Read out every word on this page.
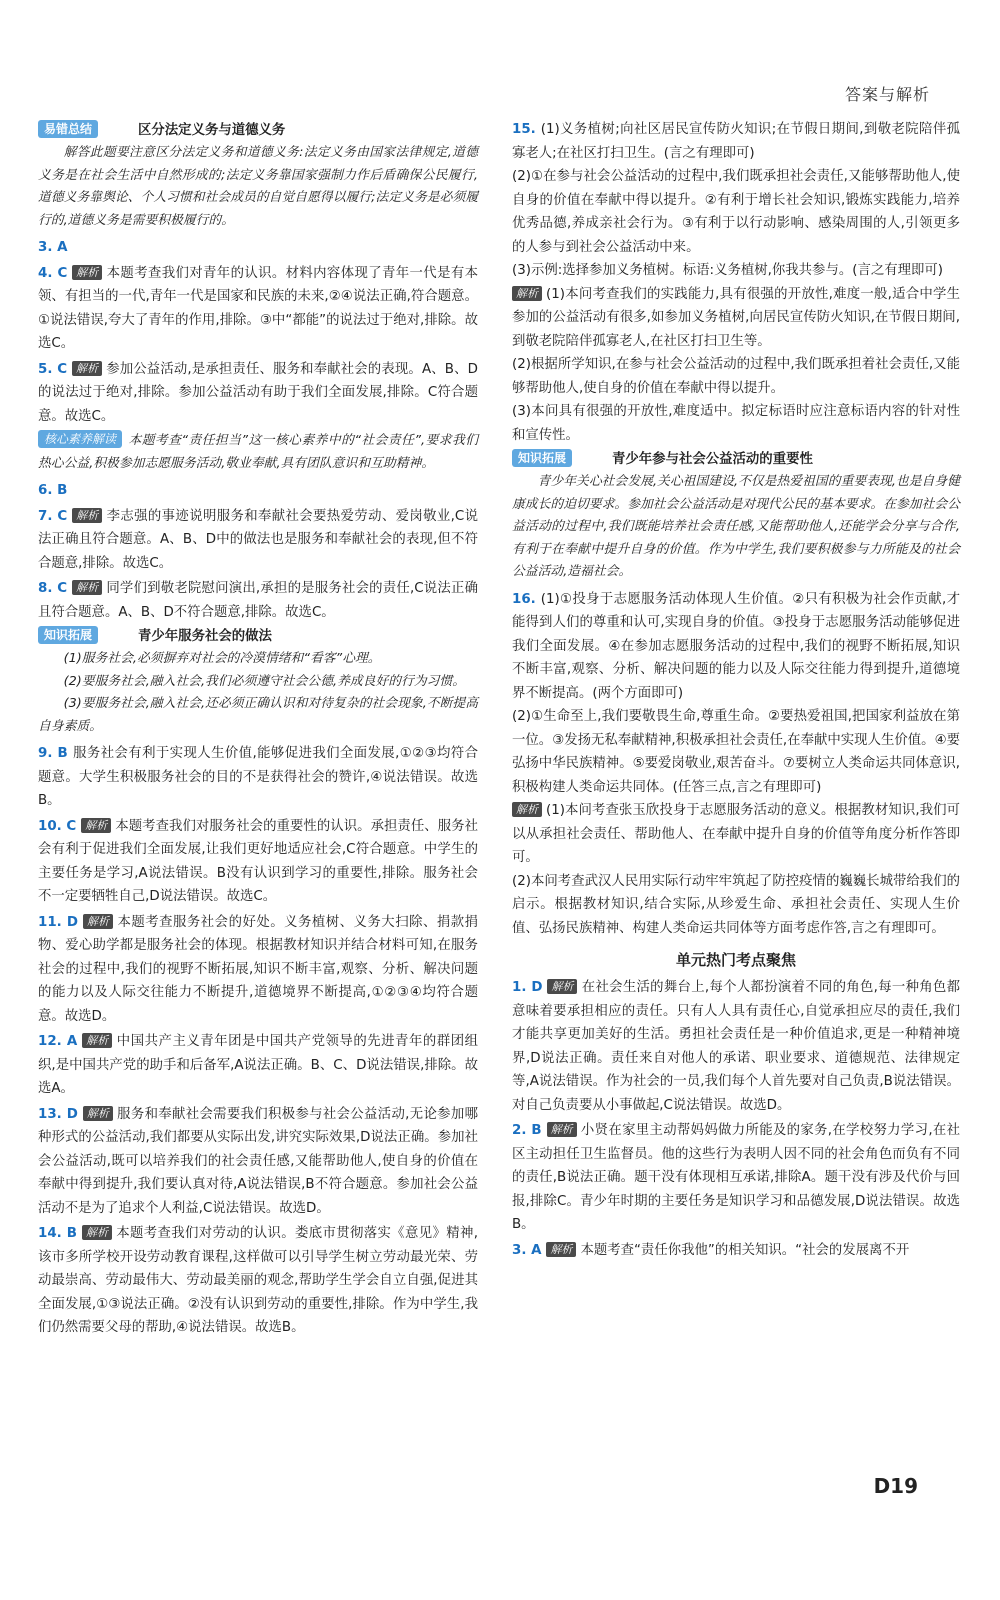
答案与解析
易错总结	区分法定义务与道德义务
解答此题要注意区分法定义务和道德义务:法定义务由国家法律规定,道德义务是在社会生活中自然形成的;法定义务靠国家强制力作后盾确保公民履行,道德义务靠舆论、个人习惯和社会成员的自觉自愿得以履行;法定义务是必须履行的,道德义务是需要积极履行的。

3. A

4. C 解析 本题考查我们对青年的认识。材料内容体现了青年一代是有本领、有担当的一代,青年一代是国家和民族的未来,②④说法正确,符合题意。①说法错误,夸大了青年的作用,排除。③中“都能”的说法过于绝对,排除。故选C。

5. C 解析 参加公益活动,是承担责任、服务和奉献社会的表现。A、B、D的说法过于绝对,排除。参加公益活动有助于我们全面发展,排除。C符合题意。故选C。

核心素养解读 本题考查“责任担当”这一核心素养中的“社会责任”,要求我们热心公益,积极参加志愿服务活动,敬业奉献,具有团队意识和互助精神。

6. B

7. C 解析 李志强的事迹说明服务和奉献社会要热爱劳动、爱岗敬业,C说法正确且符合题意。A、B、D中的做法也是服务和奉献社会的表现,但不符合题意,排除。故选C。

8. C 解析 同学们到敬老院慰问演出,承担的是服务社会的责任,C说法正确且符合题意。A、B、D不符合题意,排除。故选C。

知识拓展	青少年服务社会的做法
(1)服务社会,必须摒弃对社会的冷漠情绪和“看客”心理。
(2)要服务社会,融入社会,我们必须遵守社会公德,养成良好的行为习惯。
(3)要服务社会,融入社会,还必须正确认识和对待复杂的社会现象,不断提高自身素质。

9. B 服务社会有利于实现人生价值,能够促进我们全面发展,①②③均符合题意。大学生积极服务社会的目的不是获得社会的赞许,④说法错误。故选B。

10. C 解析 本题考查我们对服务社会的重要性的认识。承担责任、服务社会有利于促进我们全面发展,让我们更好地适应社会,C符合题意。中学生的主要任务是学习,A说法错误。B没有认识到学习的重要性,排除。服务社会不一定要牺牲自己,D说法错误。故选C。

11. D 解析 本题考查服务社会的好处。义务植树、义务大扫除、捐款捐物、爱心助学都是服务社会的体现。根据教材知识并结合材料可知,在服务社会的过程中,我们的视野不断拓展,知识不断丰富,观察、分析、解决问题的能力以及人际交往能力不断提升,道德境界不断提高,①②③④均符合题意。故选D。

12. A 解析 中国共产主义青年团是中国共产党领导的先进青年的群团组织,是中国共产党的助手和后备军,A说法正确。B、C、D说法错误,排除。故选A。

13. D 解析 服务和奉献社会需要我们积极参与社会公益活动,无论参加哪种形式的公益活动,我们都要从实际出发,讲究实际效果,D说法正确。参加社会公益活动,既可以培养我们的社会责任感,又能帮助他人,使自身的价值在奉献中得到提升,我们要认真对待,A说法错误,B不符合题意。参加社会公益活动不是为了追求个人利益,C说法错误。故选D。

14. B 解析 本题考查我们对劳动的认识。娄底市贯彻落实《意见》精神,该市多所学校开设劳动教育课程,这样做可以引导学生树立劳动最光荣、劳动最崇高、劳动最伟大、劳动最美丽的观念,帮助学生学会自立自强,促进其全面发展,①③说法正确。②没有认识到劳动的重要性,排除。作为中学生,我们仍然需要父母的帮助,④说法错误。故选B。

15. (1)义务植树;向社区居民宣传防火知识;在节假日期间,到敬老院陪伴孤寡老人;在社区打扫卫生。(言之有理即可)

(2)①在参与社会公益活动的过程中,我们既承担社会责任,又能够帮助他人,使自身的价值在奉献中得以提升。②有利于增长社会知识,锻炼实践能力,培养优秀品德,养成亲社会行为。③有利于以行动影响、感染周围的人,引领更多的人参与到社会公益活动中来。

(3)示例:选择参加义务植树。标语:义务植树,你我共参与。(言之有理即可)

解析 (1)本问考查我们的实践能力,具有很强的开放性,难度一般,适合中学生参加的公益活动有很多,如参加义务植树,向居民宣传防火知识,在节假日期间,到敬老院陪伴孤寡老人,在社区打扫卫生等。

(2)根据所学知识,在参与社会公益活动的过程中,我们既承担着社会责任,又能够帮助他人,使自身的价值在奉献中得以提升。

(3)本问具有很强的开放性,难度适中。拟定标语时应注意标语内容的针对性和宣传性。

知识拓展	青少年参与社会公益活动的重要性
青少年关心社会发展,关心祖国建设,不仅是热爱祖国的重要表现,也是自身健康成长的迫切要求。参加社会公益活动是对现代公民的基本要求。在参加社会公益活动的过程中,我们既能培养社会责任感,又能帮助他人,还能学会分享与合作,有利于在奉献中提升自身的价值。作为中学生,我们要积极参与力所能及的社会公益活动,造福社会。

16. (1)①投身于志愿服务活动体现人生价值。②只有积极为社会作贡献,才能得到人们的尊重和认可,实现自身的价值。③投身于志愿服务活动能够促进我们全面发展。④在参加志愿服务活动的过程中,我们的视野不断拓展,知识不断丰富,观察、分析、解决问题的能力以及人际交往能力得到提升,道德境界不断提高。(两个方面即可)

(2)①生命至上,我们要敬畏生命,尊重生命。②要热爱祖国,把国家利益放在第一位。③发扬无私奉献精神,积极承担社会责任,在奉献中实现人生价值。④要弘扬中华民族精神。⑤要爱岗敬业,艰苦奋斗。⑦要树立人类命运共同体意识,积极构建人类命运共同体。(任答三点,言之有理即可)

解析 (1)本问考查张玉欣投身于志愿服务活动的意义。根据教材知识,我们可以从承担社会责任、帮助他人、在奉献中提升自身的价值等角度分析作答即可。

(2)本问考查武汉人民用实际行动牢牢筑起了防控疫情的巍巍长城带给我们的启示。根据教材知识,结合实际,从珍爱生命、承担社会责任、实现人生价值、弘扬民族精神、构建人类命运共同体等方面考虑作答,言之有理即可。

单元热门考点聚焦

1. D 解析 在社会生活的舞台上,每个人都扮演着不同的角色,每一种角色都意味着要承担相应的责任。只有人人具有责任心,自觉承担应尽的责任,我们才能共享更加美好的生活。勇担社会责任是一种价值追求,更是一种精神境界,D说法正确。责任来自对他人的承诺、职业要求、道德规范、法律规定等,A说法错误。作为社会的一员,我们每个人首先要对自己负责,B说法错误。对自己负责要从小事做起,C说法错误。故选D。

2. B 解析 小贤在家里主动帮妈妈做力所能及的家务,在学校努力学习,在社区主动担任卫生监督员。他的这些行为表明人因不同的社会角色而负有不同的责任,B说法正确。题干没有体现相互承诺,排除A。题干没有涉及代价与回报,排除C。青少年时期的主要任务是知识学习和品德发展,D说法错误。故选B。

3. A 解析 本题考查“责任你我他”的相关知识。“社会的发展离不开

D19
